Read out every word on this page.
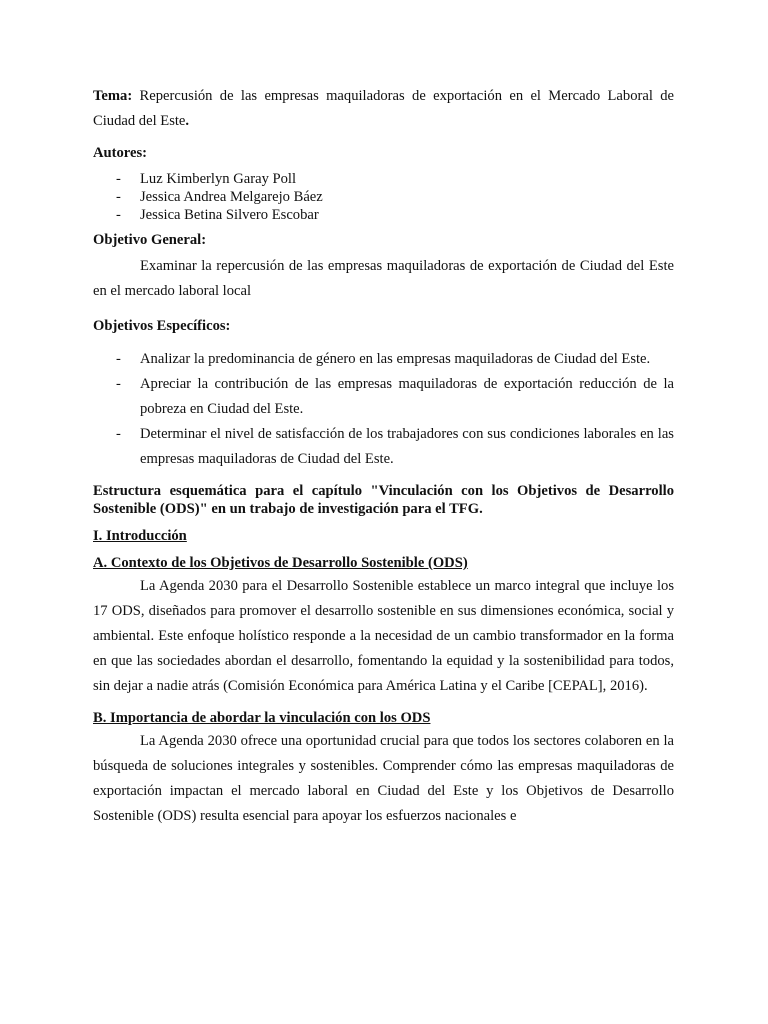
Tema: Repercusión de las empresas maquiladoras de exportación en el Mercado Laboral de Ciudad del Este.

Autores:

- Luz Kimberlyn Garay Poll
- Jessica Andrea Melgarejo Báez
- Jessica Betina Silvero Escobar

Objetivo General:

Examinar la repercusión de las empresas maquiladoras de exportación de Ciudad del Este en el mercado laboral local

Objetivos Específicos:

- Analizar la predominancia de género en las empresas maquiladoras de Ciudad del Este.
- Apreciar la contribución de las empresas maquiladoras de exportación reducción de la pobreza en Ciudad del Este.
- Determinar el nivel de satisfacción de los trabajadores con sus condiciones laborales en las empresas maquiladoras de Ciudad del Este.

Estructura esquemática para el capítulo "Vinculación con los Objetivos de Desarrollo Sostenible (ODS)" en un trabajo de investigación para el TFG.

I. Introducción

A. Contexto de los Objetivos de Desarrollo Sostenible (ODS)

La Agenda 2030 para el Desarrollo Sostenible establece un marco integral que incluye los 17 ODS, diseñados para promover el desarrollo sostenible en sus dimensiones económica, social y ambiental. Este enfoque holístico responde a la necesidad de un cambio transformador en la forma en que las sociedades abordan el desarrollo, fomentando la equidad y la sostenibilidad para todos, sin dejar a nadie atrás (Comisión Económica para América Latina y el Caribe [CEPAL], 2016).

B. Importancia de abordar la vinculación con los ODS

La Agenda 2030 ofrece una oportunidad crucial para que todos los sectores colaboren en la búsqueda de soluciones integrales y sostenibles. Comprender cómo las empresas maquiladoras de exportación impactan el mercado laboral en Ciudad del Este y los Objetivos de Desarrollo Sostenible (ODS) resulta esencial para apoyar los esfuerzos nacionales e
